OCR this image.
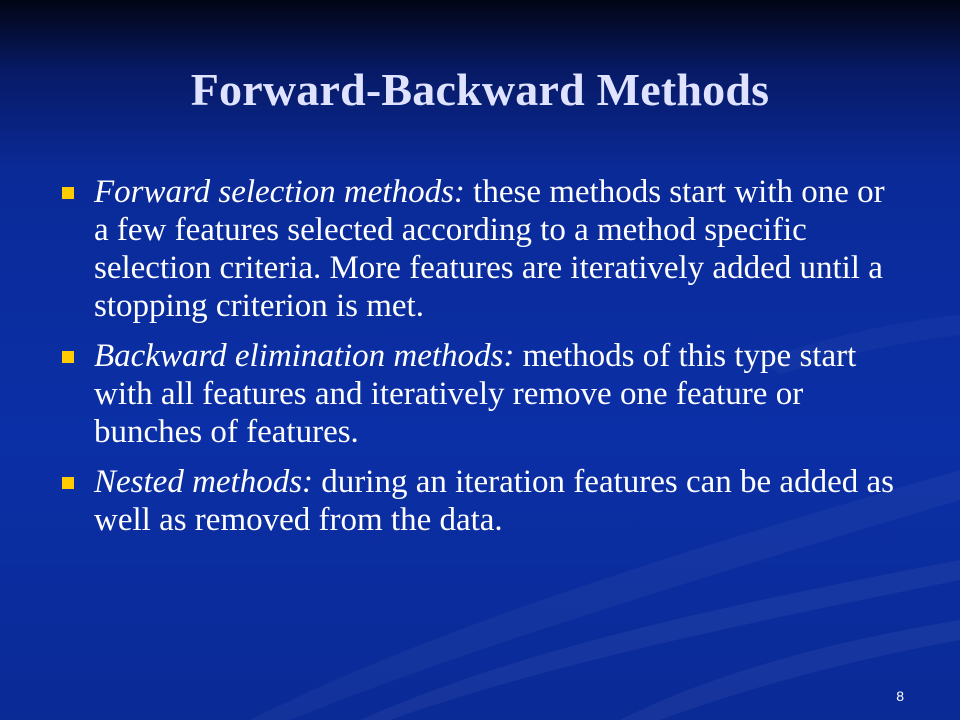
Forward-Backward Methods
Forward selection methods: these methods start with one or a few features selected according to a method specific selection criteria. More features are iteratively added until a stopping criterion is met.
Backward elimination methods: methods of this type start with all features and iteratively remove one feature or bunches of features.
Nested methods: during an iteration features can be added as well as removed from the data.
8
